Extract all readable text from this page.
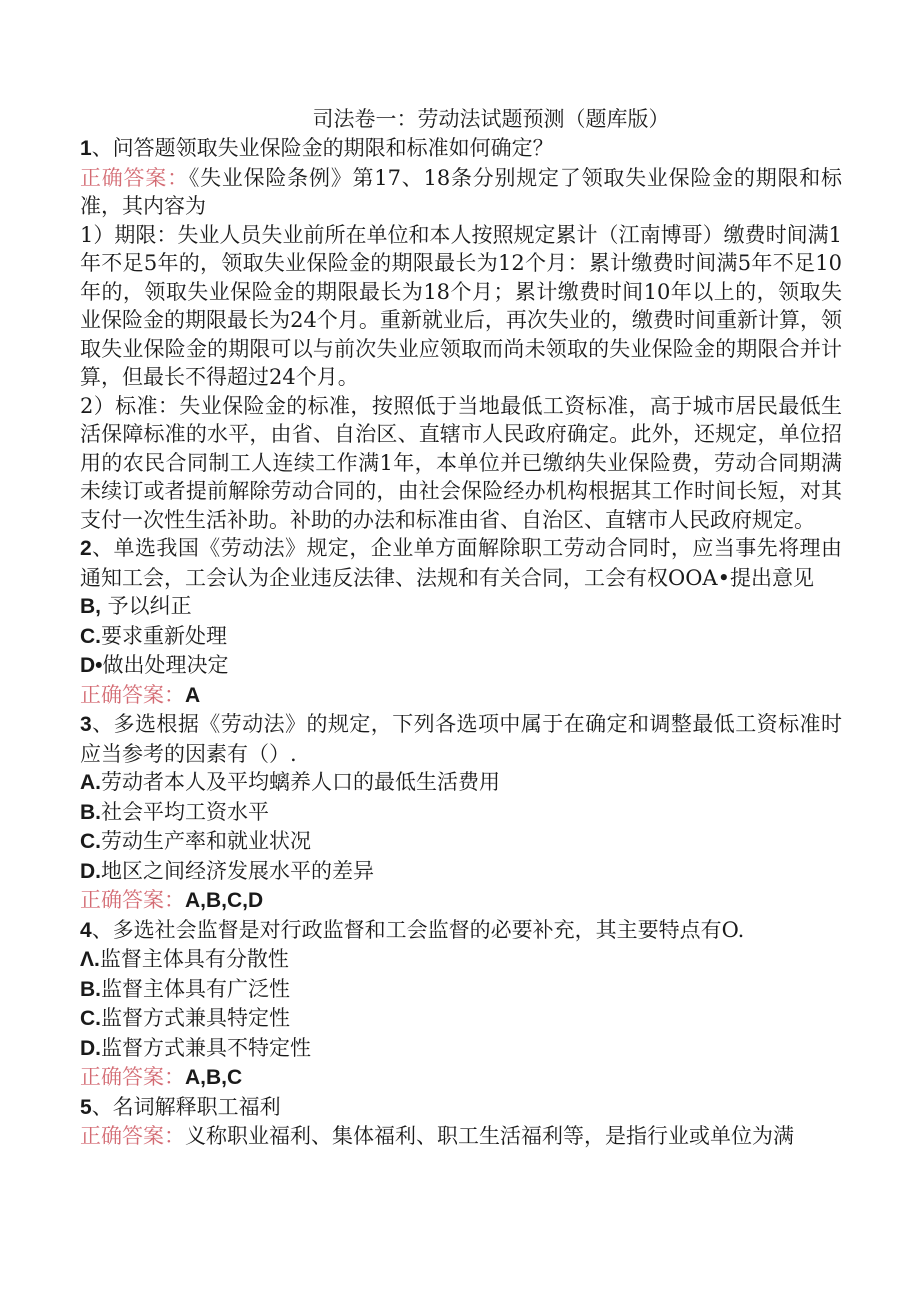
司法卷一：劳动法试题预测（题库版）

1、问答题领取失业保险金的期限和标准如何确定？

正确答案：《失业保险条例》第17、18条分别规定了领取失业保险金的期限和标准，其内容为

1）期限：失业人员失业前所在单位和本人按照规定累计（江南博哥）缴费时间满1年不足5年的，领取失业保险金的期限最长为12个月：累计缴费时间满5年不足10年的，领取失业保险金的期限最长为18个月；累计缴费时间10年以上的，领取失业保险金的期限最长为24个月。重新就业后，再次失业的，缴费时间重新计算，领取失业保险金的期限可以与前次失业应领取而尚未领取的失业保险金的期限合并计算，但最长不得超过24个月。

2）标准：失业保险金的标准，按照低于当地最低工资标准，高于城市居民最低生活保障标准的水平，由省、自治区、直辖市人民政府确定。此外，还规定，单位招用的农民合同制工人连续工作满1年，本单位并已缴纳失业保险费，劳动合同期满未续订或者提前解除劳动合同的，由社会保险经办机构根据其工作时间长短，对其支付一次性生活补助。补助的办法和标准由省、自治区、直辖市人民政府规定。

2、单选我国《劳动法》规定，企业单方面解除职工劳动合同时，应当事先将理由通知工会，工会认为企业违反法律、法规和有关合同，工会有权OOA•提出意见

B, 予以纠正

C.要求重新处理

D•做出处理决定

正确答案：A

3、多选根据《劳动法》的规定，下列各选项中属于在确定和调整最低工资标准时应当参考的因素有（）.

A.劳动者本人及平均螭养人口的最低生活费用

B.社会平均工资水平

C.劳动生产率和就业状况

D.地区之间经济发展水平的差异

正确答案：A,B,C,D

4、多选社会监督是对行政监督和工会监督的必要补充，其主要特点有O.

Λ.监督主体具有分散性

B.监督主体具有广泛性

C.监督方式兼具特定性

D.监督方式兼具不特定性

正确答案：A,B,C

5、名词解释职工福利

正确答案：义称职业福利、集体福利、职工生活福利等，是指行业或单位为满
